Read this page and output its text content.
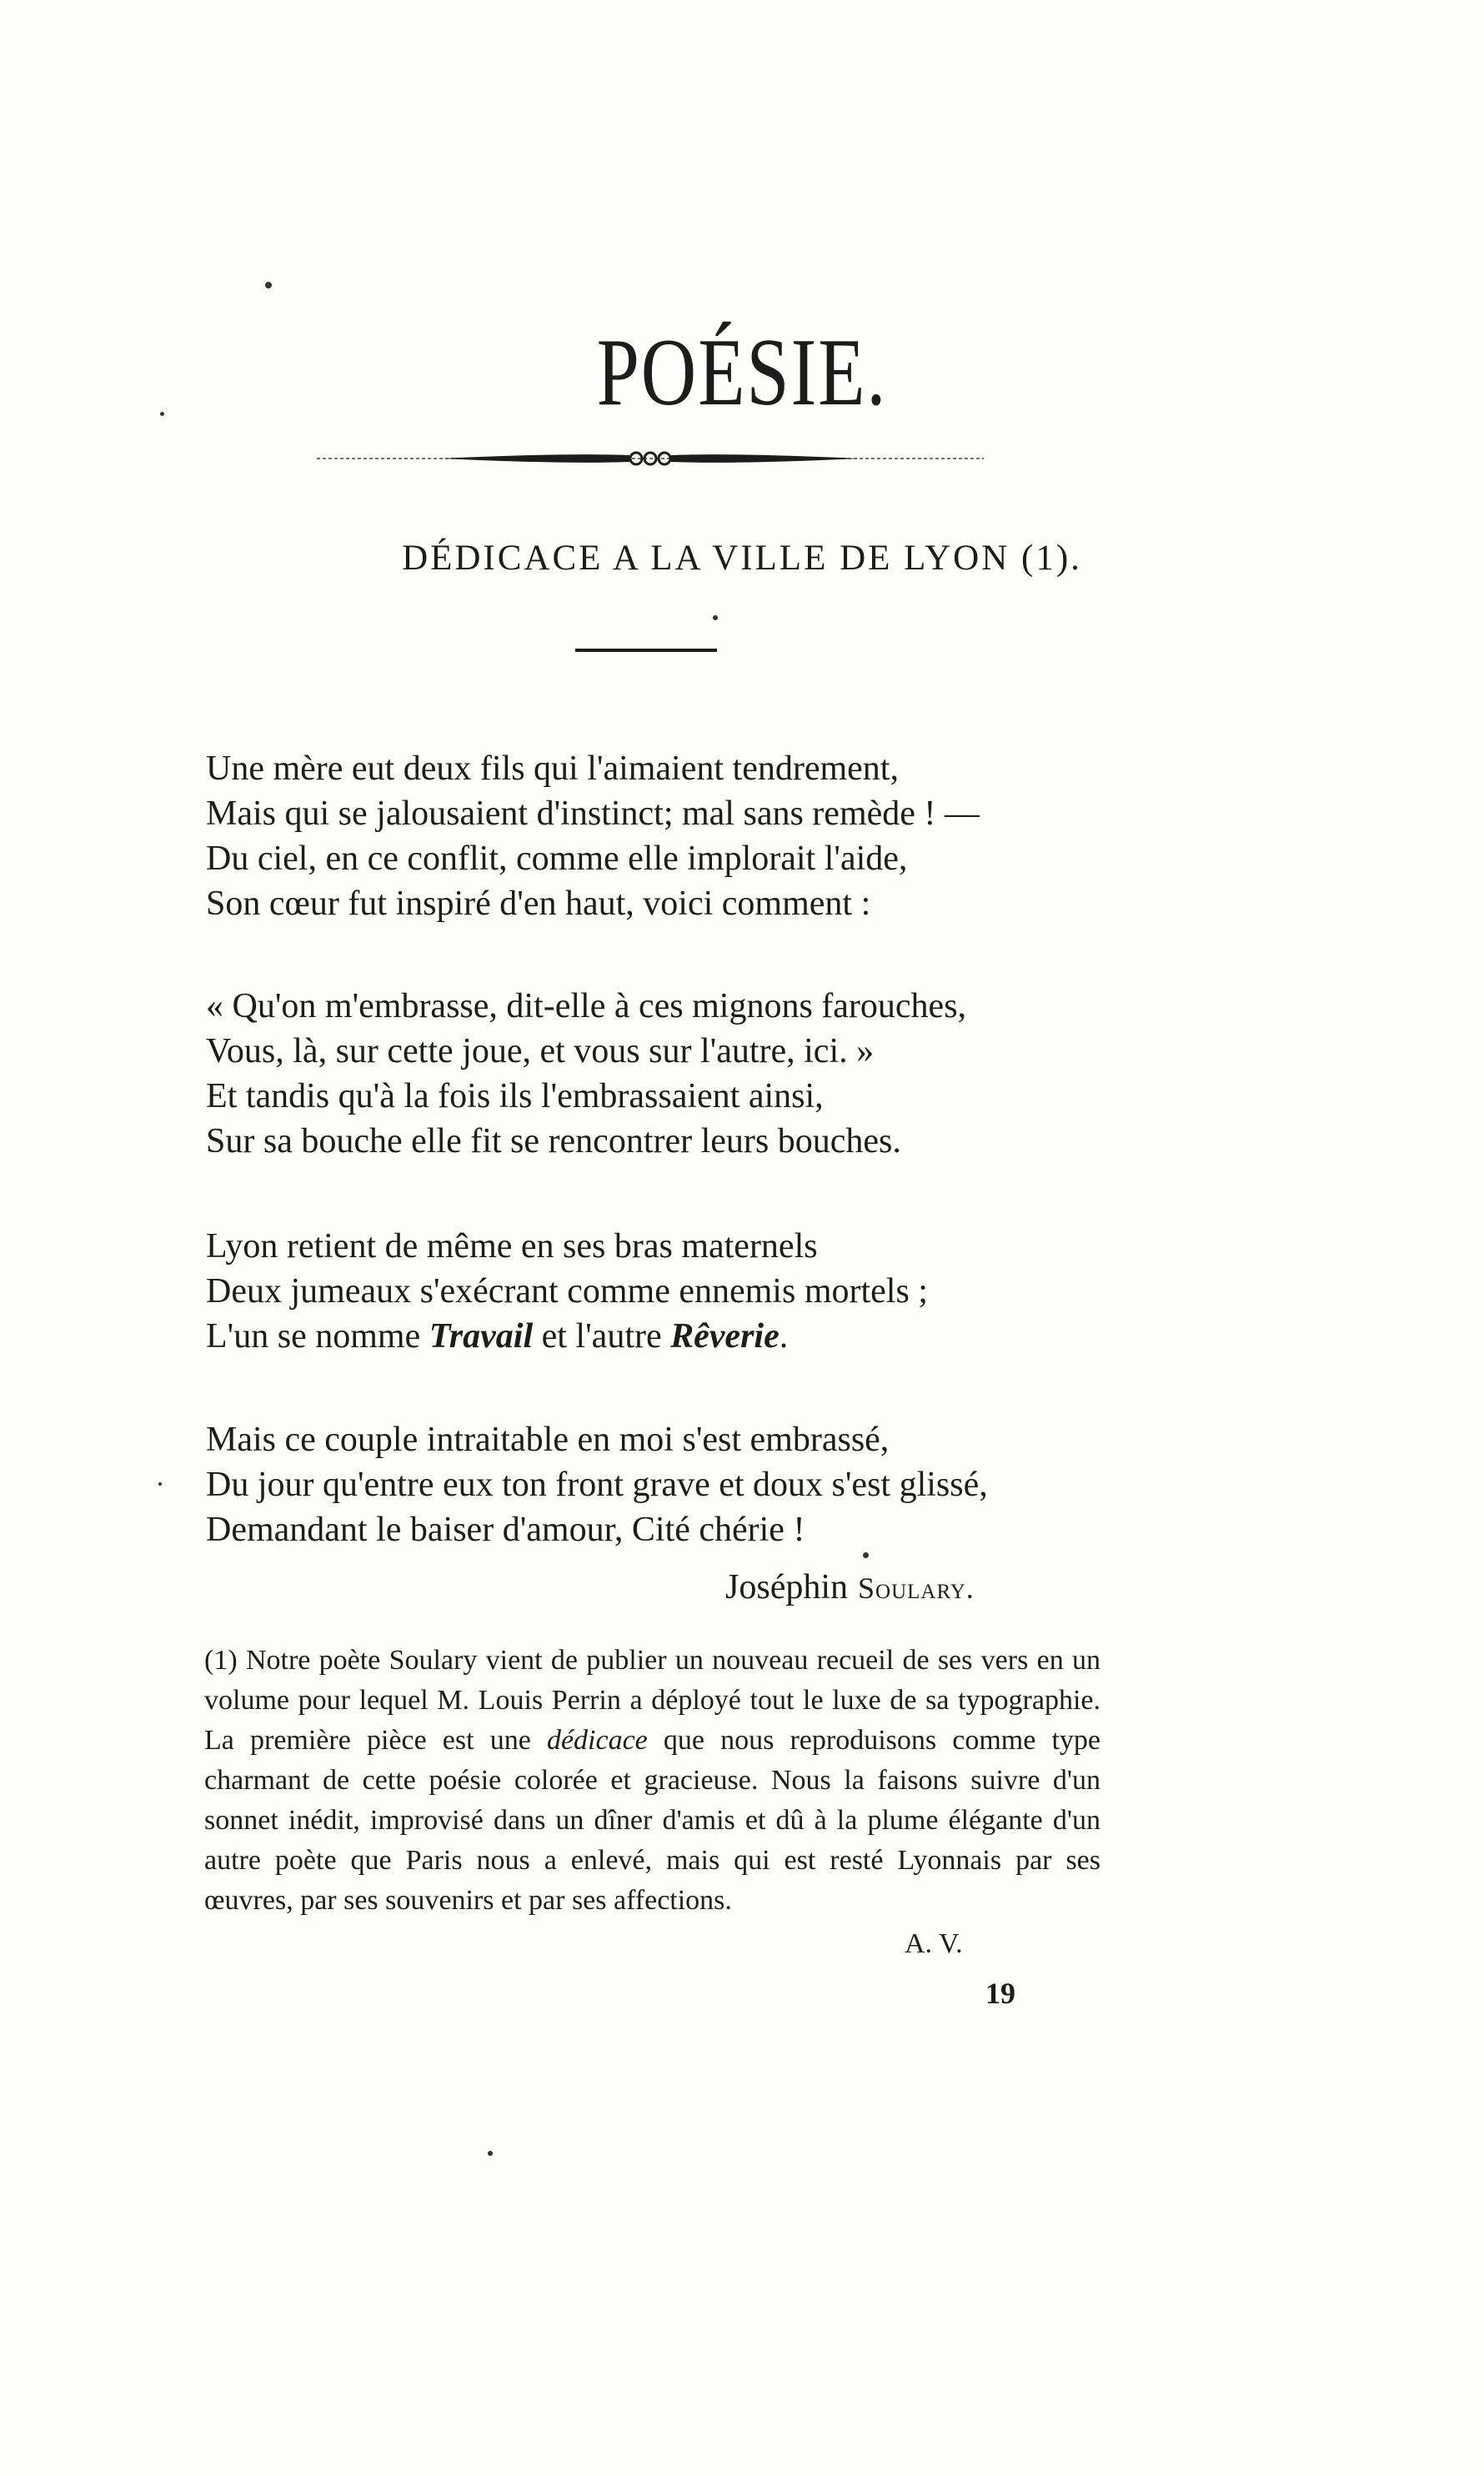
POÉSIE.
DÉDICACE A LA VILLE DE LYON (1).
Une mère eut deux fils qui l'aimaient tendrement,
Mais qui se jalousaient d'instinct; mal sans remède ! —
Du ciel, en ce conflit, comme elle implorait l'aide,
Son cœur fut inspiré d'en haut, voici comment :
« Qu'on m'embrasse, dit-elle à ces mignons farouches,
Vous, là, sur cette joue, et vous sur l'autre, ici. »
Et tandis qu'à la fois ils l'embrassaient ainsi,
Sur sa bouche elle fit se rencontrer leurs bouches.
Lyon retient de même en ses bras maternels
Deux jumeaux s'exécrant comme ennemis mortels ;
L'un se nomme Travail et l'autre Rêverie.
Mais ce couple intraitable en moi s'est embrassé,
Du jour qu'entre eux ton front grave et doux s'est glissé,
Demandant le baiser d'amour, Cité chérie !
Joséphin Soulary.
(1) Notre poète Soulary vient de publier un nouveau recueil de ses vers en un volume pour lequel M. Louis Perrin a déployé tout le luxe de sa typographie. La première pièce est une dédicace que nous reproduisons comme type charmant de cette poésie colorée et gracieuse. Nous la faisons suivre d'un sonnet inédit, improvisé dans un dîner d'amis et dû à la plume élégante d'un autre poète que Paris nous a enlevé, mais qui est resté Lyonnais par ses œuvres, par ses souvenirs et par ses affections.
A. V.
19
